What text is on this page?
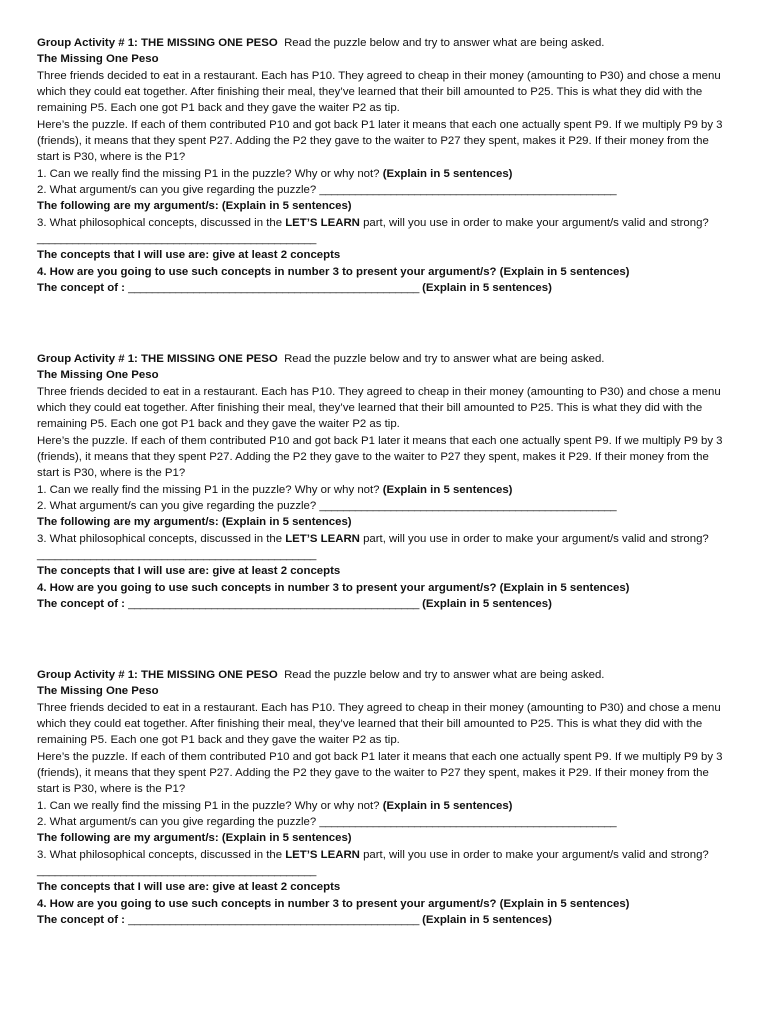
Group Activity # 1: THE MISSING ONE PESO Read the puzzle below and try to answer what are being asked.

The Missing One Peso

Three friends decided to eat in a restaurant. Each has P10. They agreed to cheap in their money (amounting to P30) and chose a menu which they could eat together. After finishing their meal, they’ve learned that their bill amounted to P25. This is what they did with the remaining P5. Each one got P1 back and they gave the waiter P2 as tip.

Here’s the puzzle. If each of them contributed P10 and got back P1 later it means that each one actually spent P9. If we multiply P9 by 3 (friends), it means that they spent P27. Adding the P2 they gave to the waiter to P27 they spent, makes it P29. If their money from the start is P30, where is the P1?

1. Can we really find the missing P1 in the puzzle? Why or why not? (Explain in 5 sentences)

2. What argument/s can you give regarding the puzzle? __________________________________________________

The following are my argument/s: (Explain in 5 sentences)

3. What philosophical concepts, discussed in the LET’S LEARN part, will you use in order to make your argument/s valid and strong? _______________________________________________

The concepts that I will use are: give at least 2 concepts

4. How are you going to use such concepts in number 3 to present your argument/s? (Explain in 5 sentences)

The concept of : _________________________________________________ (Explain in 5 sentences)

Group Activity # 1: THE MISSING ONE PESO Read the puzzle below and try to answer what are being asked.

The Missing One Peso

Three friends decided to eat in a restaurant. Each has P10. They agreed to cheap in their money (amounting to P30) and chose a menu which they could eat together. After finishing their meal, they’ve learned that their bill amounted to P25. This is what they did with the remaining P5. Each one got P1 back and they gave the waiter P2 as tip.

Here’s the puzzle. If each of them contributed P10 and got back P1 later it means that each one actually spent P9. If we multiply P9 by 3 (friends), it means that they spent P27. Adding the P2 they gave to the waiter to P27 they spent, makes it P29. If their money from the start is P30, where is the P1?

1. Can we really find the missing P1 in the puzzle? Why or why not? (Explain in 5 sentences)

2. What argument/s can you give regarding the puzzle? __________________________________________________

The following are my argument/s: (Explain in 5 sentences)

3. What philosophical concepts, discussed in the LET’S LEARN part, will you use in order to make your argument/s valid and strong? _______________________________________________

The concepts that I will use are: give at least 2 concepts

4. How are you going to use such concepts in number 3 to present your argument/s? (Explain in 5 sentences)

The concept of : _________________________________________________ (Explain in 5 sentences)

Group Activity # 1: THE MISSING ONE PESO Read the puzzle below and try to answer what are being asked.

The Missing One Peso

Three friends decided to eat in a restaurant. Each has P10. They agreed to cheap in their money (amounting to P30) and chose a menu which they could eat together. After finishing their meal, they’ve learned that their bill amounted to P25. This is what they did with the remaining P5. Each one got P1 back and they gave the waiter P2 as tip.

Here’s the puzzle. If each of them contributed P10 and got back P1 later it means that each one actually spent P9. If we multiply P9 by 3 (friends), it means that they spent P27. Adding the P2 they gave to the waiter to P27 they spent, makes it P29. If their money from the start is P30, where is the P1?

1. Can we really find the missing P1 in the puzzle? Why or why not? (Explain in 5 sentences)

2. What argument/s can you give regarding the puzzle? __________________________________________________

The following are my argument/s: (Explain in 5 sentences)

3. What philosophical concepts, discussed in the LET’S LEARN part, will you use in order to make your argument/s valid and strong? _______________________________________________

The concepts that I will use are: give at least 2 concepts

4. How are you going to use such concepts in number 3 to present your argument/s? (Explain in 5 sentences)

The concept of : _________________________________________________ (Explain in 5 sentences)
